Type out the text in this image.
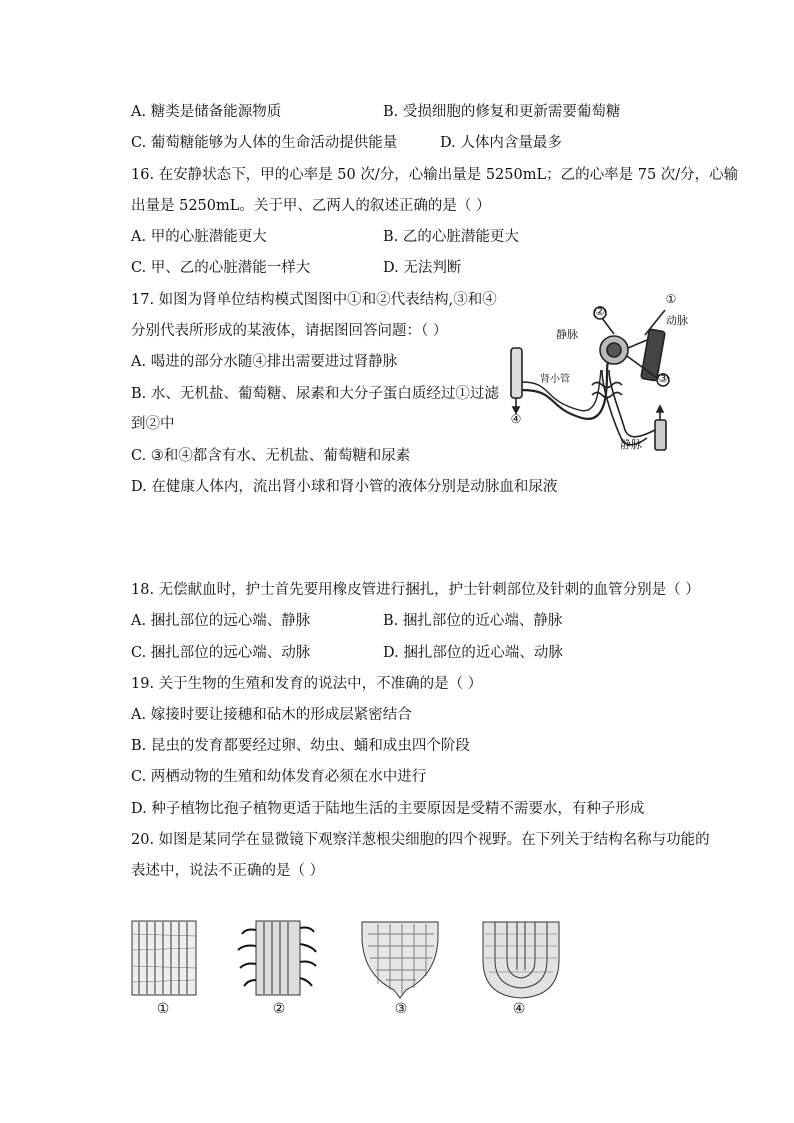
A. 糖类是储备能源物质	B. 受损细胞的修复和更新需要葡萄糖
C. 葡萄糖能够为人体的生命活动提供能量	D. 人体内含量最多
16. 在安静状态下，甲的心率是 50 次/分，心输出量是 5250mL；乙的心率是 75 次/分，心输
出量是 5250mL。关于甲、乙两人的叙述正确的是（ ）
A. 甲的心脏潜能更大	B. 乙的心脏潜能更大
C. 甲、乙的心脏潜能一样大	D. 无法判断
17. 如图为肾单位结构模式图图中①和②代表结构,③和④
分别代表所形成的某液体，请据图回答问题：（ ）
A. 喝进的部分水随④排出需要进过肾静脉
B. 水、无机盐、葡萄糖、尿素和大分子蛋白质经过①过滤
到②中
C. ③和④都含有水、无机盐、葡萄糖和尿素
D. 在健康人体内，流出肾小球和肾小管的液体分别是动脉血和尿液
①
②
③
④
动脉
静脉
静脉
肾小管
18. 无偿献血时，护士首先要用橡皮管进行捆扎，护士针刺部位及针刺的血管分别是（ ）
A. 捆扎部位的远心端、静脉	B. 捆扎部位的近心端、静脉
C. 捆扎部位的远心端、动脉	D. 捆扎部位的近心端、动脉
19. 关于生物的生殖和发育的说法中，不准确的是（ ）
A. 嫁接时要让接穗和砧木的形成层紧密结合
B. 昆虫的发育都要经过卵、幼虫、蛹和成虫四个阶段
C. 两栖动物的生殖和幼体发育必须在水中进行
D. 种子植物比孢子植物更适于陆地生活的主要原因是受精不需要水，有种子形成
20. 如图是某同学在显微镜下观察洋葱根尖细胞的四个视野。在下列关于结构名称与功能的
表述中，说法不正确的是（ ）
①	②	③	④
